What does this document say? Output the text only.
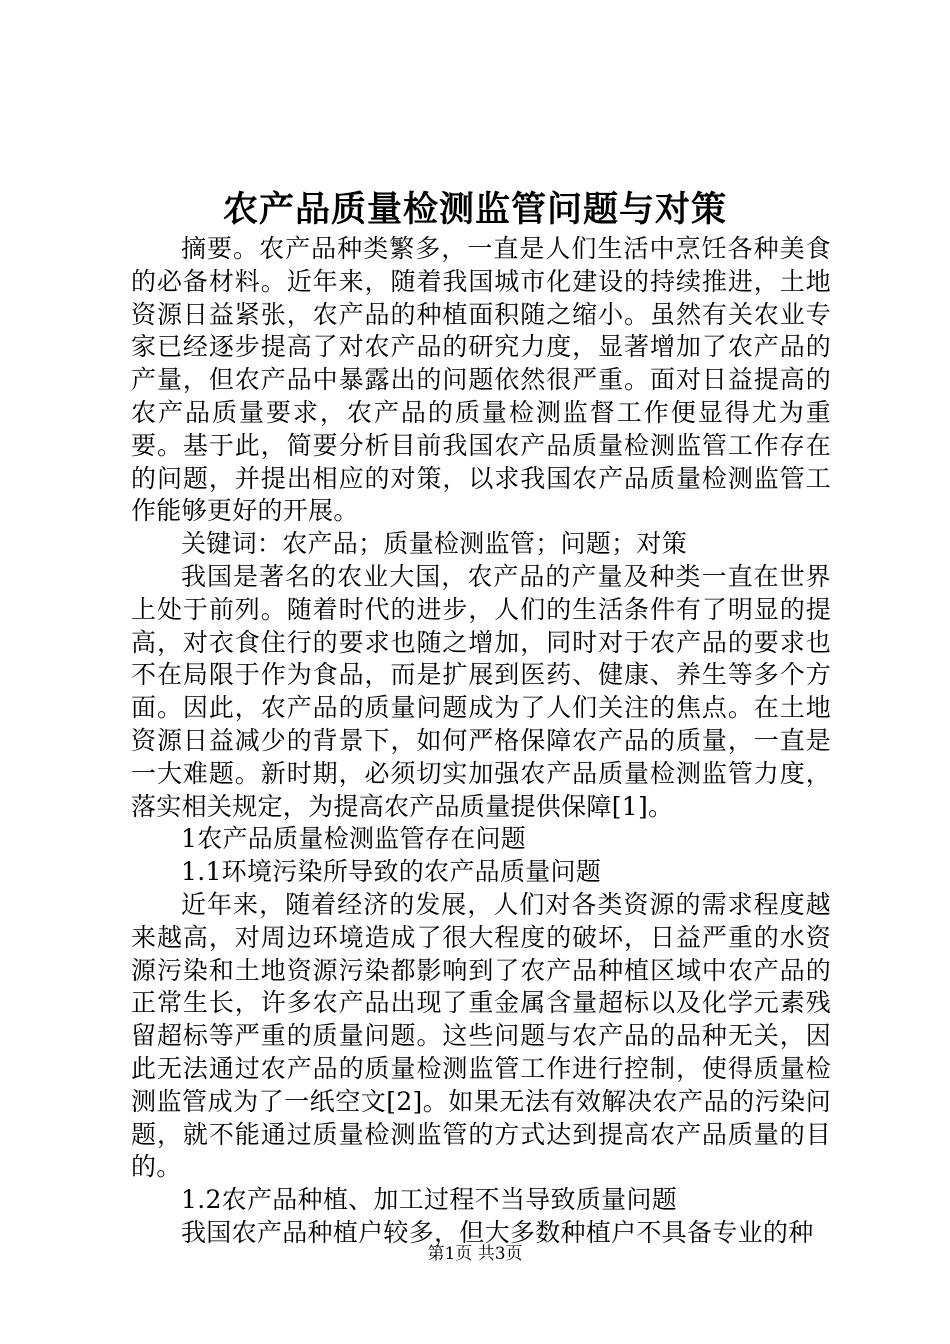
农产品质量检测监管问题与对策

摘要。农产品种类繁多，一直是人们生活中烹饪各种美食的必备材料。近年来，随着我国城市化建设的持续推进，土地资源日益紧张，农产品的种植面积随之缩小。虽然有关农业专家已经逐步提高了对农产品的研究力度，显著增加了农产品的产量，但农产品中暴露出的问题依然很严重。面对日益提高的农产品质量要求，农产品的质量检测监督工作便显得尤为重要。基于此，简要分析目前我国农产品质量检测监管工作存在的问题，并提出相应的对策，以求我国农产品质量检测监管工作能够更好的开展。

关键词：农产品；质量检测监管；问题；对策

我国是著名的农业大国，农产品的产量及种类一直在世界上处于前列。随着时代的进步，人们的生活条件有了明显的提高，对衣食住行的要求也随之增加，同时对于农产品的要求也不在局限于作为食品，而是扩展到医药、健康、养生等多个方面。因此，农产品的质量问题成为了人们关注的焦点。在土地资源日益减少的背景下，如何严格保障农产品的质量，一直是一大难题。新时期，必须切实加强农产品质量检测监管力度，落实相关规定，为提高农产品质量提供保障[1]。

1农产品质量检测监管存在问题

1.1环境污染所导致的农产品质量问题

近年来，随着经济的发展，人们对各类资源的需求程度越来越高，对周边环境造成了很大程度的破坏，日益严重的水资源污染和土地资源污染都影响到了农产品种植区域中农产品的正常生长，许多农产品出现了重金属含量超标以及化学元素残留超标等严重的质量问题。这些问题与农产品的品种无关，因此无法通过农产品的质量检测监管工作进行控制，使得质量检测监管成为了一纸空文[2]。如果无法有效解决农产品的污染问题，就不能通过质量检测监管的方式达到提高农产品质量的目的。

1.2农产品种植、加工过程不当导致质量问题

我国农产品种植户较多，但大多数种植户不具备专业的种

第1页 共3页
